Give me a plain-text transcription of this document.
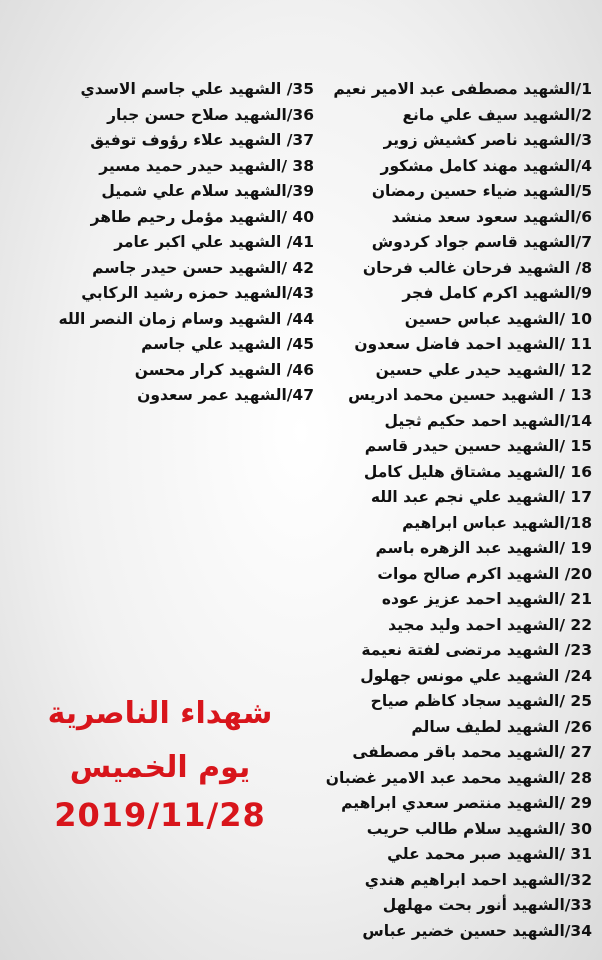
1/الشهيد مصطفى عبد الامير نعيم
2/الشهيد سيف علي مانع
3/الشهيد ناصر كشيش زوير
4/الشهيد مهند كامل مشكور
5/الشهيد ضياء حسين رمضان
6/الشهيد سعود سعد منشد
7/الشهيد قاسم جواد كردوش
8/ الشهيد فرحان غالب فرحان
9/الشهيد اكرم كامل فجر
10 /الشهيد عباس حسين
11 /الشهيد احمد فاضل سعدون
12 /الشهيد حيدر علي حسين
13 / الشهيد حسين محمد ادريس
14/الشهيد احمد حكيم ثجيل
15 /الشهيد حسين حيدر قاسم
16 /الشهيد مشتاق هليل كامل
17 /الشهيد علي نجم عبد الله
18/الشهيد عباس ابراهيم
19 /الشهيد عبد الزهره باسم
20/ الشهيد اكرم صالح موات
21 /الشهيد احمد عزيز عوده
22 /الشهيد احمد وليد مجيد
23/ الشهيد مرتضى لفتة نعيمة
24/ الشهيد علي مونس جهلول
25 /الشهيد سجاد كاظم صياح
26/ الشهيد لطيف سالم
27 /الشهيد محمد باقر مصطفى
28 /الشهيد محمد عبد الامير غضبان
29 /الشهيد منتصر سعدي ابراهيم
30 /الشهيد سلام طالب حريب
31 /الشهيد صبر محمد علي
32/الشهيد احمد ابراهيم هندي
33/الشهيد أنور بحت مهلهل
34/الشهيد حسين خضير عباس
35/ الشهيد علي جاسم الاسدي
36/الشهيد صلاح حسن جبار
37/ الشهيد علاء رؤوف توفيق
38 /الشهيد حيدر حميد مسير
39/الشهيد سلام علي شميل
40 /الشهيد مؤمل رحيم طاهر
41/ الشهيد علي اكبر عامر
42 /الشهيد حسن حيدر جاسم
43/الشهيد حمزه رشيد الركابي
44/ الشهيد وسام زمان النصر الله
45/ الشهيد علي جاسم
46/ الشهيد كرار محسن
47/الشهيد عمر سعدون
شهداء الناصرية
يوم الخميس
2019/11/28
